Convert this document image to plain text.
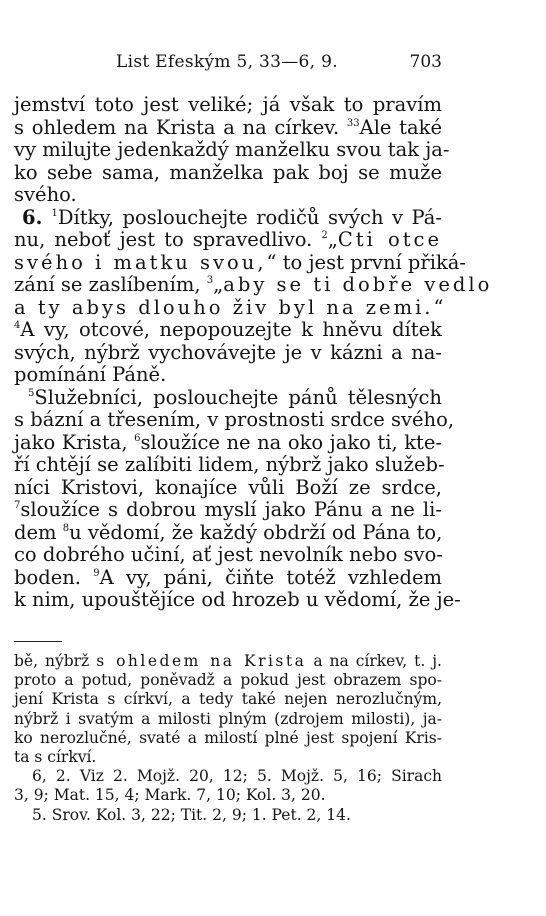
List Efeským 5, 33—6, 9.	703
jemství toto jest veliké; já však to pravím
s ohledem na Krista a na církev. $^{33}$Ale také
vy milujte jedenkaždý manželku svou tak ja-
ko sebe sama, manželka pak boj se muže
svého.
6. $^1$Dítky, poslouchejte rodičů svých v Pá-
nu, neboť jest to spravedlivo. $^2$„Cti otce
svého i matku svou,“ to jest první přiká-
zání se zaslíbením, $^3$„aby se ti dobře vedlo
a ty abys dlouho živ byl na zemi.“
$^4$A vy, otcové, nepopouzejte k hněvu dítek
svých, nýbrž vychovávejte je v kázni a na-
pomínání Páně.
$^5$Služebníci, poslouchejte pánů tělesných
s bázní a třesením, v prostnosti srdce svého,
jako Krista, $^6$sloužíce ne na oko jako ti, kte-
ří chtějí se zalíbiti lidem, nýbrž jako služeb-
níci Kristovi, konajíce vůli Boží ze srdce,
$^7$sloužíce s dobrou myslí jako Pánu a ne li-
dem $^8$u vědomí, že každý obdrží od Pána to,
co dobrého učiní, ať jest nevolník nebo svo-
boden. $^9$A vy, páni, čiňte totéž vzhledem
k nim, upouštějíce od hrozeb u vědomí, že je-
bě, nýbrž s ohledem na Krista a na církev, t. j.
proto a potud, poněvadž a pokud jest obrazem spo-
jení Krista s církví, a tedy také nejen nerozlučným,
nýbrž i svatým a milosti plným (zdrojem milosti), ja-
ko nerozlučné, svaté a milostí plné jest spojení Kris-
ta s církví.
6, 2. Viz 2. Mojž. 20, 12; 5. Mojž. 5, 16; Sirach
3, 9; Mat. 15, 4; Mark. 7, 10; Kol. 3, 20.
5. Srov. Kol. 3, 22; Tit. 2, 9; 1. Pet. 2, 14.
